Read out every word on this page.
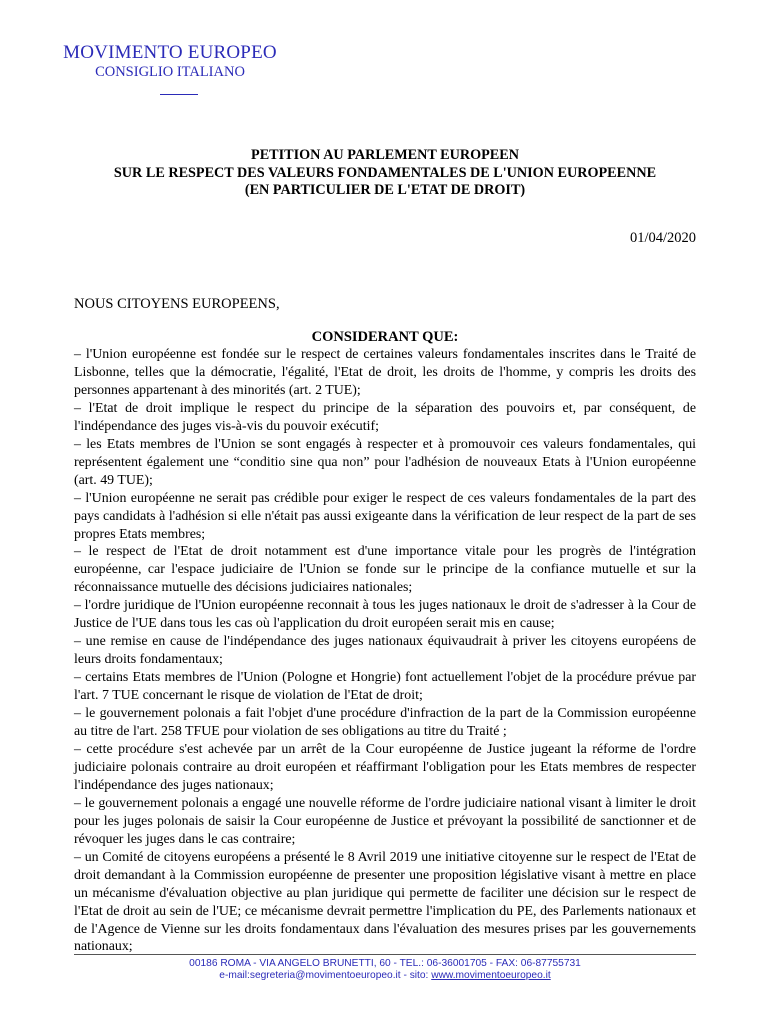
MOVIMENTO EUROPEO
CONSIGLIO ITALIANO
PETITION AU PARLEMENT EUROPEEN
SUR LE RESPECT DES VALEURS FONDAMENTALES DE L'UNION EUROPEENNE
(EN PARTICULIER DE L'ETAT DE DROIT)
01/04/2020
NOUS CITOYENS EUROPEENS,
CONSIDERANT QUE:

– l'Union européenne est fondée sur le respect de certaines valeurs fondamentales inscrites dans le Traité de Lisbonne, telles que la démocratie, l'égalité, l'Etat de droit, les droits de l'homme, y compris les droits des personnes appartenant à des minorités (art. 2 TUE);

– l'Etat de droit implique le respect du principe de la séparation des pouvoirs et, par conséquent, de l'indépendance des juges vis-à-vis du pouvoir exécutif;

– les Etats membres de l'Union se sont engagés à respecter et à promouvoir ces valeurs fondamentales, qui représentent également une “conditio sine qua non” pour l'adhésion de nouveaux Etats à l'Union européenne (art. 49 TUE);

– l'Union européenne ne serait pas crédible pour exiger le respect de ces valeurs fondamentales de la part des pays candidats à l'adhésion si elle n'était pas aussi exigeante dans la vérification de leur respect de la part de ses propres Etats membres;

– le respect de l'Etat de droit notamment est d'une importance vitale pour les progrès de l'intégration européenne, car l'espace judiciaire de l'Union se fonde sur le principe de la confiance mutuelle et sur la réconnaissance mutuelle des décisions judiciaires nationales;

– l'ordre juridique de l'Union européenne reconnait à tous les juges nationaux le droit de s'adresser à la Cour de Justice de l'UE dans tous les cas où l'application du droit européen serait mis en cause;

– une remise en cause de l'indépendance des juges nationaux équivaudrait à priver les citoyens européens de leurs droits fondamentaux;

– certains Etats membres de l'Union (Pologne et Hongrie) font actuellement l'objet de la procédure prévue par l'art. 7 TUE concernant le risque de violation de l'Etat de droit;

– le gouvernement polonais a fait l'objet d'une procédure d'infraction de la part de la Commission européenne au titre de l'art. 258 TFUE pour violation de ses obligations au titre du Traité ;

– cette procédure s'est achevée par un arrêt de la Cour européenne de Justice jugeant la réforme de l'ordre judiciaire polonais contraire au droit européen et réaffirmant l'obligation pour les Etats membres de respecter l'indépendance des juges nationaux;

– le gouvernement polonais a engagé une nouvelle réforme de l'ordre judiciaire national visant à limiter le droit pour les juges polonais de saisir la Cour européenne de Justice et prévoyant la possibilité de sanctionner et de révoquer les juges dans le cas contraire;

– un Comité de citoyens européens a présenté le 8 Avril 2019 une initiative citoyenne sur le respect de l'Etat de droit demandant à la Commission européenne de presenter une proposition législative visant à mettre en place un mécanisme d'évaluation objective au plan juridique qui permette de faciliter une décision sur le respect de l'Etat de droit au sein de l'UE; ce mécanisme devrait permettre l'implication du PE, des Parlements nationaux et de l'Agence de Vienne sur les droits fondamentaux dans l'évaluation des mesures prises par les gouvernements nationaux;

00186 ROMA - VIA ANGELO BRUNETTI, 60 - TEL.: 06-36001705 - FAX: 06-87755731
e-mail:segreteria@movimentoeuropeo.it - sito: www.movimentoeuropeo.it
